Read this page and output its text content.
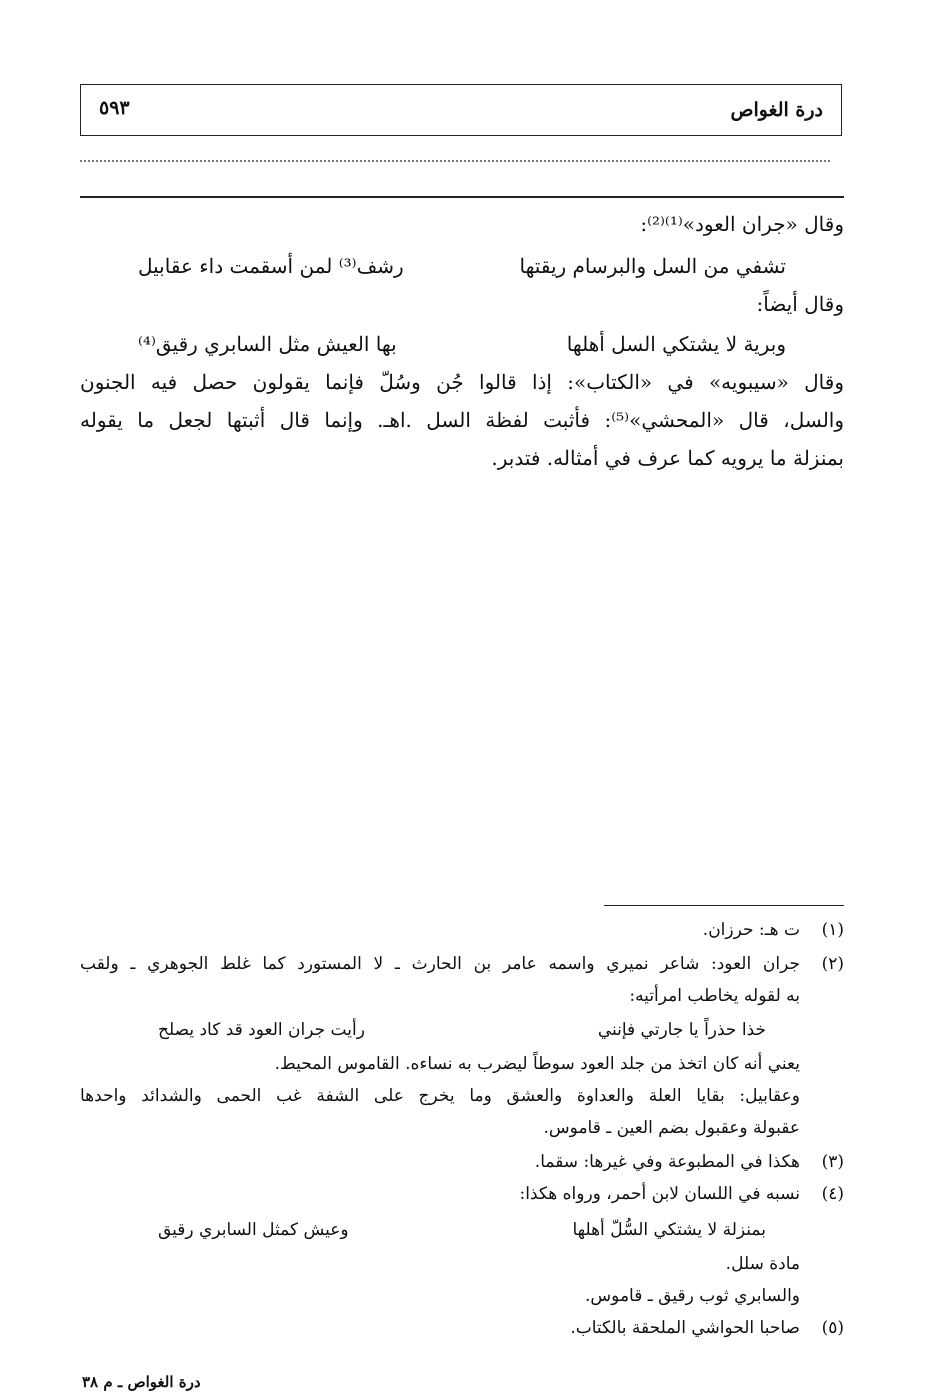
درة الغواص
٥٩٣
وقال «جران العود»⁽¹⁾⁽²⁾:
تشفي من السل والبرسام ريقتها
رشف⁽³⁾ لمن أسقمت داء عقابيل
وقال أيضاً:
وبرية لا يشتكي السل أهلها
بها العيش مثل السابري رقيق⁽⁴⁾
وقال «سيبويه» في «الكتاب»: إذا قالوا جُن وسُلّ فإنما يقولون حصل فيه الجنون
والسل، قال «المحشي»⁽⁵⁾: فأثبت لفظة السل .اهـ. وإنما قال أثبتها لجعل ما يقوله
بمنزلة ما يرويه كما عرف في أمثاله. فتدبر.
(١)
ت هـ: حرزان.
(٢)
جران العود: شاعر نميري واسمه عامر بن الحارث ـ لا المستورد كما غلط الجوهري ـ ولقب
به لقوله يخاطب امرأتيه:
خذا حذراً يا جارتي فإنني
رأيت جران العود قد كاد يصلح
يعني أنه كان اتخذ من جلد العود سوطاً ليضرب به نساءه. القاموس المحيط.
وعقابيل: بقايا العلة والعداوة والعشق وما يخرج على الشفة غب الحمى والشدائد واحدها
عقبولة وعقبول بضم العين ـ قاموس.
(٣)
هكذا في المطبوعة وفي غيرها: سقما.
(٤)
نسبه في اللسان لابن أحمر، ورواه هكذا:
بمنزلة لا يشتكي السُّلّ أهلها
وعيش كمثل السابري رقيق
مادة سلل.
والسابري ثوب رقيق ـ قاموس.
(٥)
صاحبا الحواشي الملحقة بالكتاب.
درة الغواص ـ م ٣٨
